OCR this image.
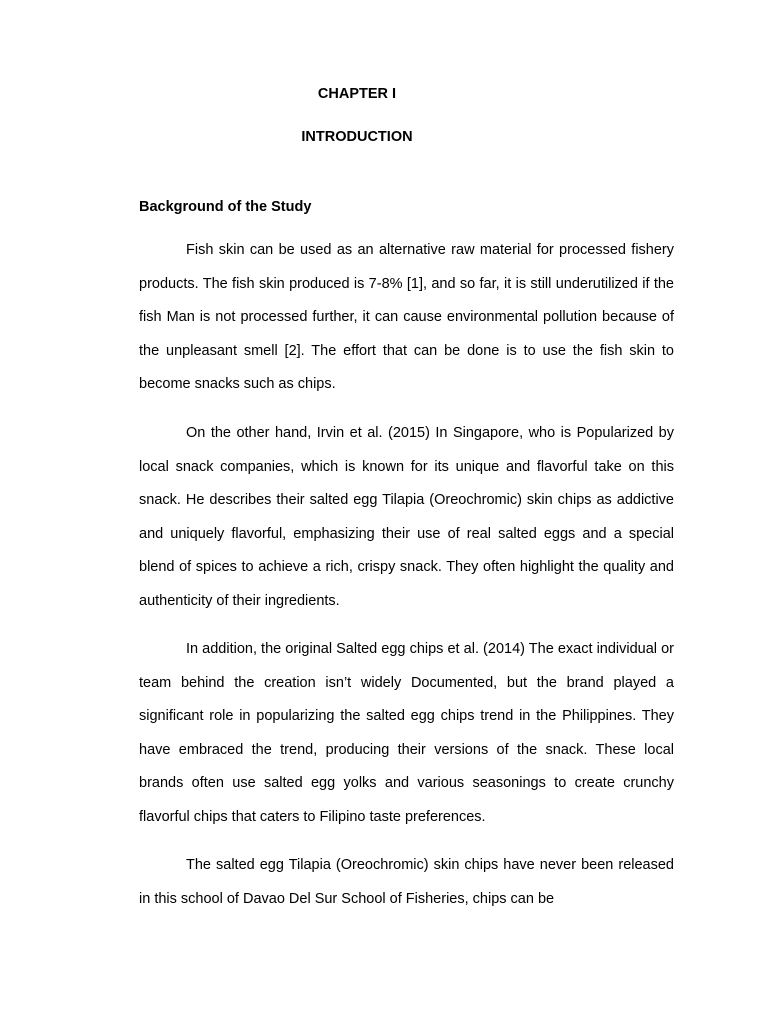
CHAPTER I
INTRODUCTION
Background of the Study

Fish skin can be used as an alternative raw material for processed fishery products. The fish skin produced is 7-8% [1], and so far, it is still underutilized if the fish Man is not processed further, it can cause environmental pollution because of the unpleasant smell [2]. The effort that can be done is to use the fish skin to become snacks such as chips.

On the other hand, Irvin et al. (2015) In Singapore, who is Popularized by local snack companies, which is known for its unique and flavorful take on this snack. He describes their salted egg Tilapia (Oreochromic) skin chips as addictive and uniquely flavorful, emphasizing their use of real salted eggs and a special blend of spices to achieve a rich, crispy snack. They often highlight the quality and authenticity of their ingredients.

In addition, the original Salted egg chips et al. (2014) The exact individual or team behind the creation isn’t widely Documented, but the brand played a significant role in popularizing the salted egg chips trend in the Philippines. They have embraced the trend, producing their versions of the snack. These local brands often use salted egg yolks and various seasonings to create crunchy flavorful chips that caters to Filipino taste preferences.

The salted egg Tilapia (Oreochromic) skin chips have never been released in this school of Davao Del Sur School of Fisheries, chips can be
